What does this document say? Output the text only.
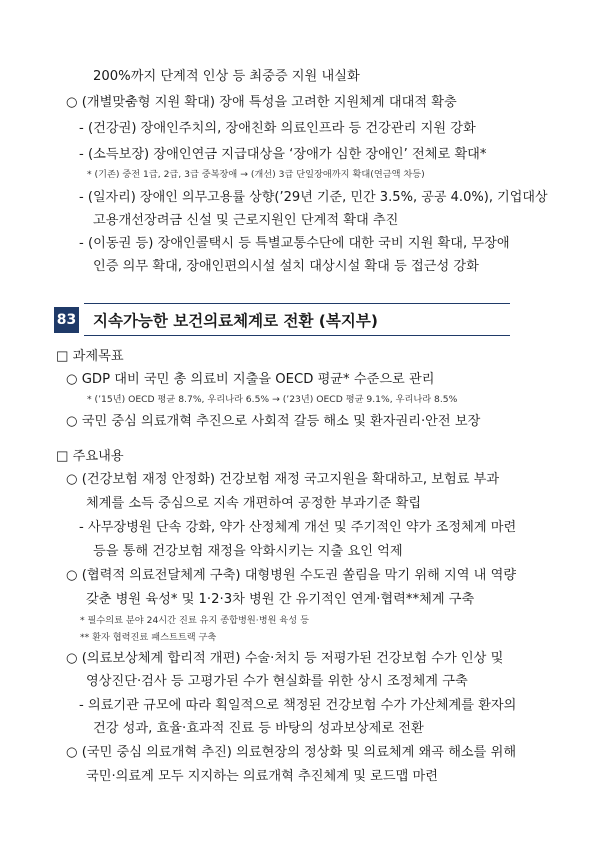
200%까지 단계적 인상 등 최중증 지원 내실화
○ (개별맞춤형 지원 확대) 장애 특성을 고려한 지원체계 대대적 확충
- (건강권) 장애인주치의, 장애친화 의료인프라 등 건강관리 지원 강화
- (소득보장) 장애인연금 지급대상을 ‘장애가 심한 장애인’ 전체로 확대*
* (기존) 중전 1급, 2급, 3급 중복장애 → (개선) 3급 단일장애까지 확대(연금액 차등)
- (일자리) 장애인 의무고용률 상향(’29년 기준, 민간 3.5%, 공공 4.0%), 기업대상
고용개선장려금 신설 및 근로지원인 단계적 확대 추진
- (이동권 등) 장애인콜택시 등 특별교통수단에 대한 국비 지원 확대, 무장애
인증 의무 확대, 장애인편의시설 설치 대상시설 확대 등 접근성 강화
83 지속가능한 보건의료체계로 전환 (복지부)
□ 과제목표
○ GDP 대비 국민 총 의료비 지출을 OECD 평균* 수준으로 관리
* (’15년) OECD 평균 8.7%, 우리나라 6.5% → (’23년) OECD 평균 9.1%, 우리나라 8.5%
○ 국민 중심 의료개혁 추진으로 사회적 갈등 해소 및 환자권리·안전 보장
□ 주요내용
○ (건강보험 재정 안정화) 건강보험 재정 국고지원을 확대하고, 보험료 부과
체계를 소득 중심으로 지속 개편하여 공정한 부과기준 확립
- 사무장병원 단속 강화, 약가 산정체계 개선 및 주기적인 약가 조정체계 마련
등을 통해 건강보험 재정을 악화시키는 지출 요인 억제
○ (협력적 의료전달체계 구축) 대형병원 수도권 쏠림을 막기 위해 지역 내 역량
갖춘 병원 육성* 및 1·2·3차 병원 간 유기적인 연계·협력**체계 구축
* 필수의료 분야 24시간 진료 유지 종합병원·병원 육성 등
** 환자 협력진료 패스트트랙 구축
○ (의료보상체계 합리적 개편) 수술·처치 등 저평가된 건강보험 수가 인상 및
영상진단·검사 등 고평가된 수가 현실화를 위한 상시 조정체계 구축
- 의료기관 규모에 따라 획일적으로 책정된 건강보험 수가 가산체계를 환자의
건강 성과, 효율·효과적 진료 등 바탕의 성과보상제로 전환
○ (국민 중심 의료개혁 추진) 의료현장의 정상화 및 의료체계 왜곡 해소를 위해
국민·의료계 모두 지지하는 의료개혁 추진체계 및 로드맵 마련
